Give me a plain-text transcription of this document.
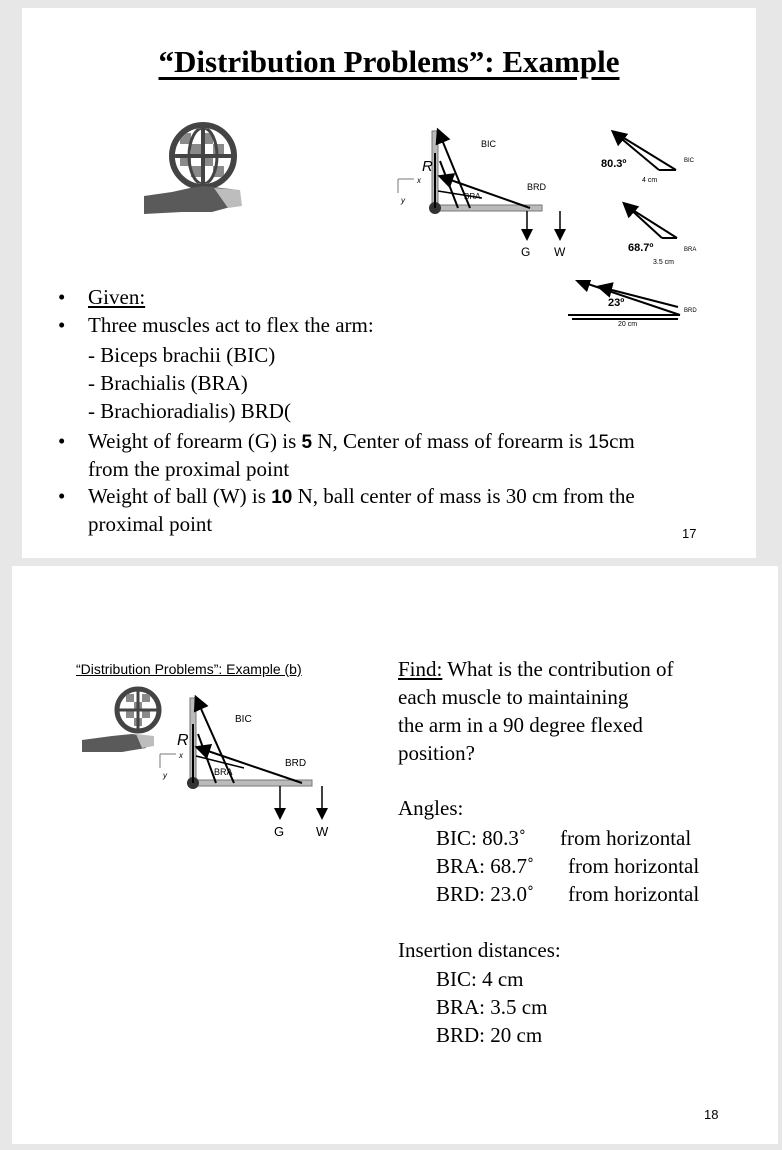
“Distribution Problems”: Example
x
y
R
BIC
BRD
BRA
G W
80.3º
4 cm
BIC
68.7º
3.5 cm
BRA
23º
20 cm
BRD
• Given:
• Three muscles act to flex the arm:
- Biceps brachii (BIC)
- Brachialis (BRA)
- Brachioradialis) BRD(
• Weight of forearm (G) is 5 N, Center of mass of forearm is 15cm
from the proximal point
• Weight of ball (W) is 10 N, ball center of mass is 30 cm from the
proximal point	17
“Distribution Problems”: Example (b)
x
y
R
BIC
BRD
BRA
G W
Find: What is the contribution of
each muscle to maintaining
the arm in a 90 degree flexed
position?
Angles:
BIC: 80.3˚ from horizontal
BRA: 68.7˚ from horizontal
BRD: 23.0˚ from horizontal
Insertion distances:
BIC: 4 cm
BRA: 3.5 cm
BRD: 20 cm
18
